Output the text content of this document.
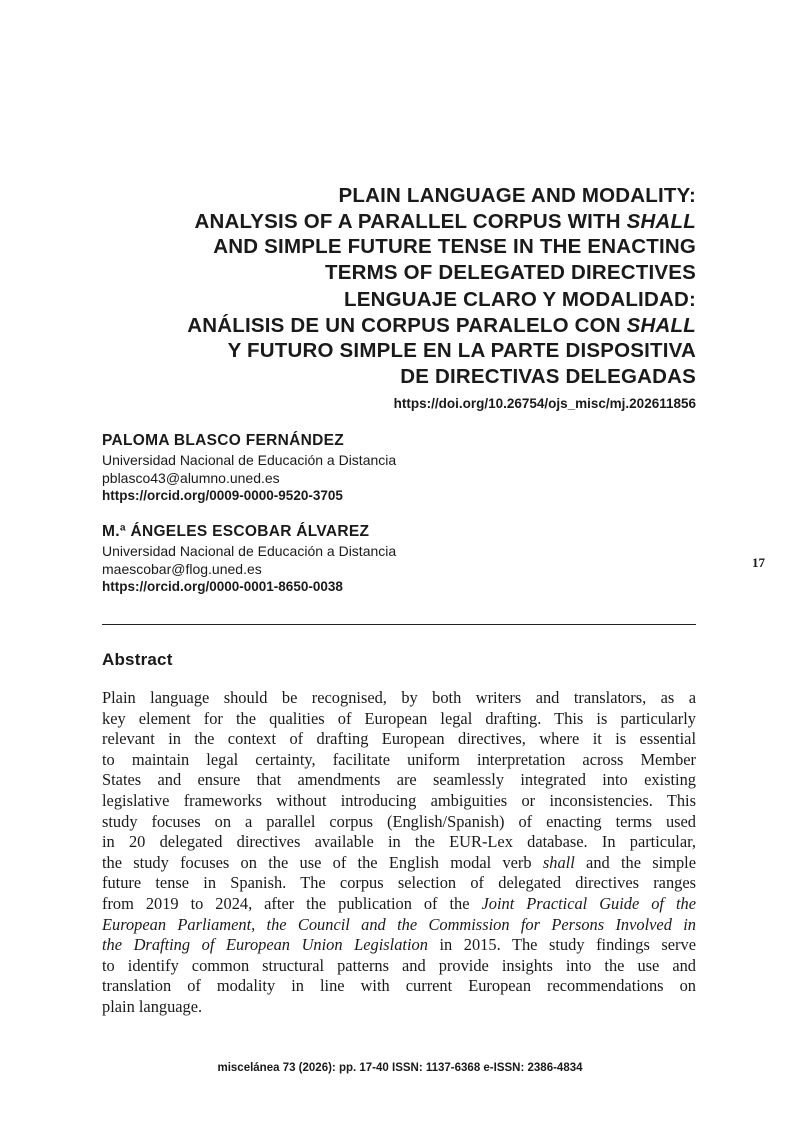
PLAIN LANGUAGE AND MODALITY:
ANALYSIS OF A PARALLEL CORPUS WITH SHALL
AND SIMPLE FUTURE TENSE IN THE ENACTING
TERMS OF DELEGATED DIRECTIVES
LENGUAJE CLARO Y MODALIDAD:
ANÁLISIS DE UN CORPUS PARALELO CON SHALL
Y FUTURO SIMPLE EN LA PARTE DISPOSITIVA
DE DIRECTIVAS DELEGADAS
https://doi.org/10.26754/ojs_misc/mj.202611856
PALOMA BLASCO FERNÁNDEZ
Universidad Nacional de Educación a Distancia
pblasco43@alumno.uned.es
https://orcid.org/0009-0000-9520-3705
M.ª ÁNGELES ESCOBAR ÁLVAREZ
Universidad Nacional de Educación a Distancia
maescobar@flog.uned.es
https://orcid.org/0000-0001-8650-0038
17
Abstract
Plain language should be recognised, by both writers and translators, as a
key element for the qualities of European legal drafting. This is particularly
relevant in the context of drafting European directives, where it is essential
to maintain legal certainty, facilitate uniform interpretation across Member
States and ensure that amendments are seamlessly integrated into existing
legislative frameworks without introducing ambiguities or inconsistencies. This
study focuses on a parallel corpus (English/Spanish) of enacting terms used
in 20 delegated directives available in the EUR-Lex database. In particular,
the study focuses on the use of the English modal verb shall and the simple
future tense in Spanish. The corpus selection of delegated directives ranges
from 2019 to 2024, after the publication of the Joint Practical Guide of the
European Parliament, the Council and the Commission for Persons Involved in
the Drafting of European Union Legislation in 2015. The study findings serve
to identify common structural patterns and provide insights into the use and
translation of modality in line with current European recommendations on
plain language.
miscelánea 73 (2026): pp. 17-40 ISSN: 1137-6368 e-ISSN: 2386-4834
